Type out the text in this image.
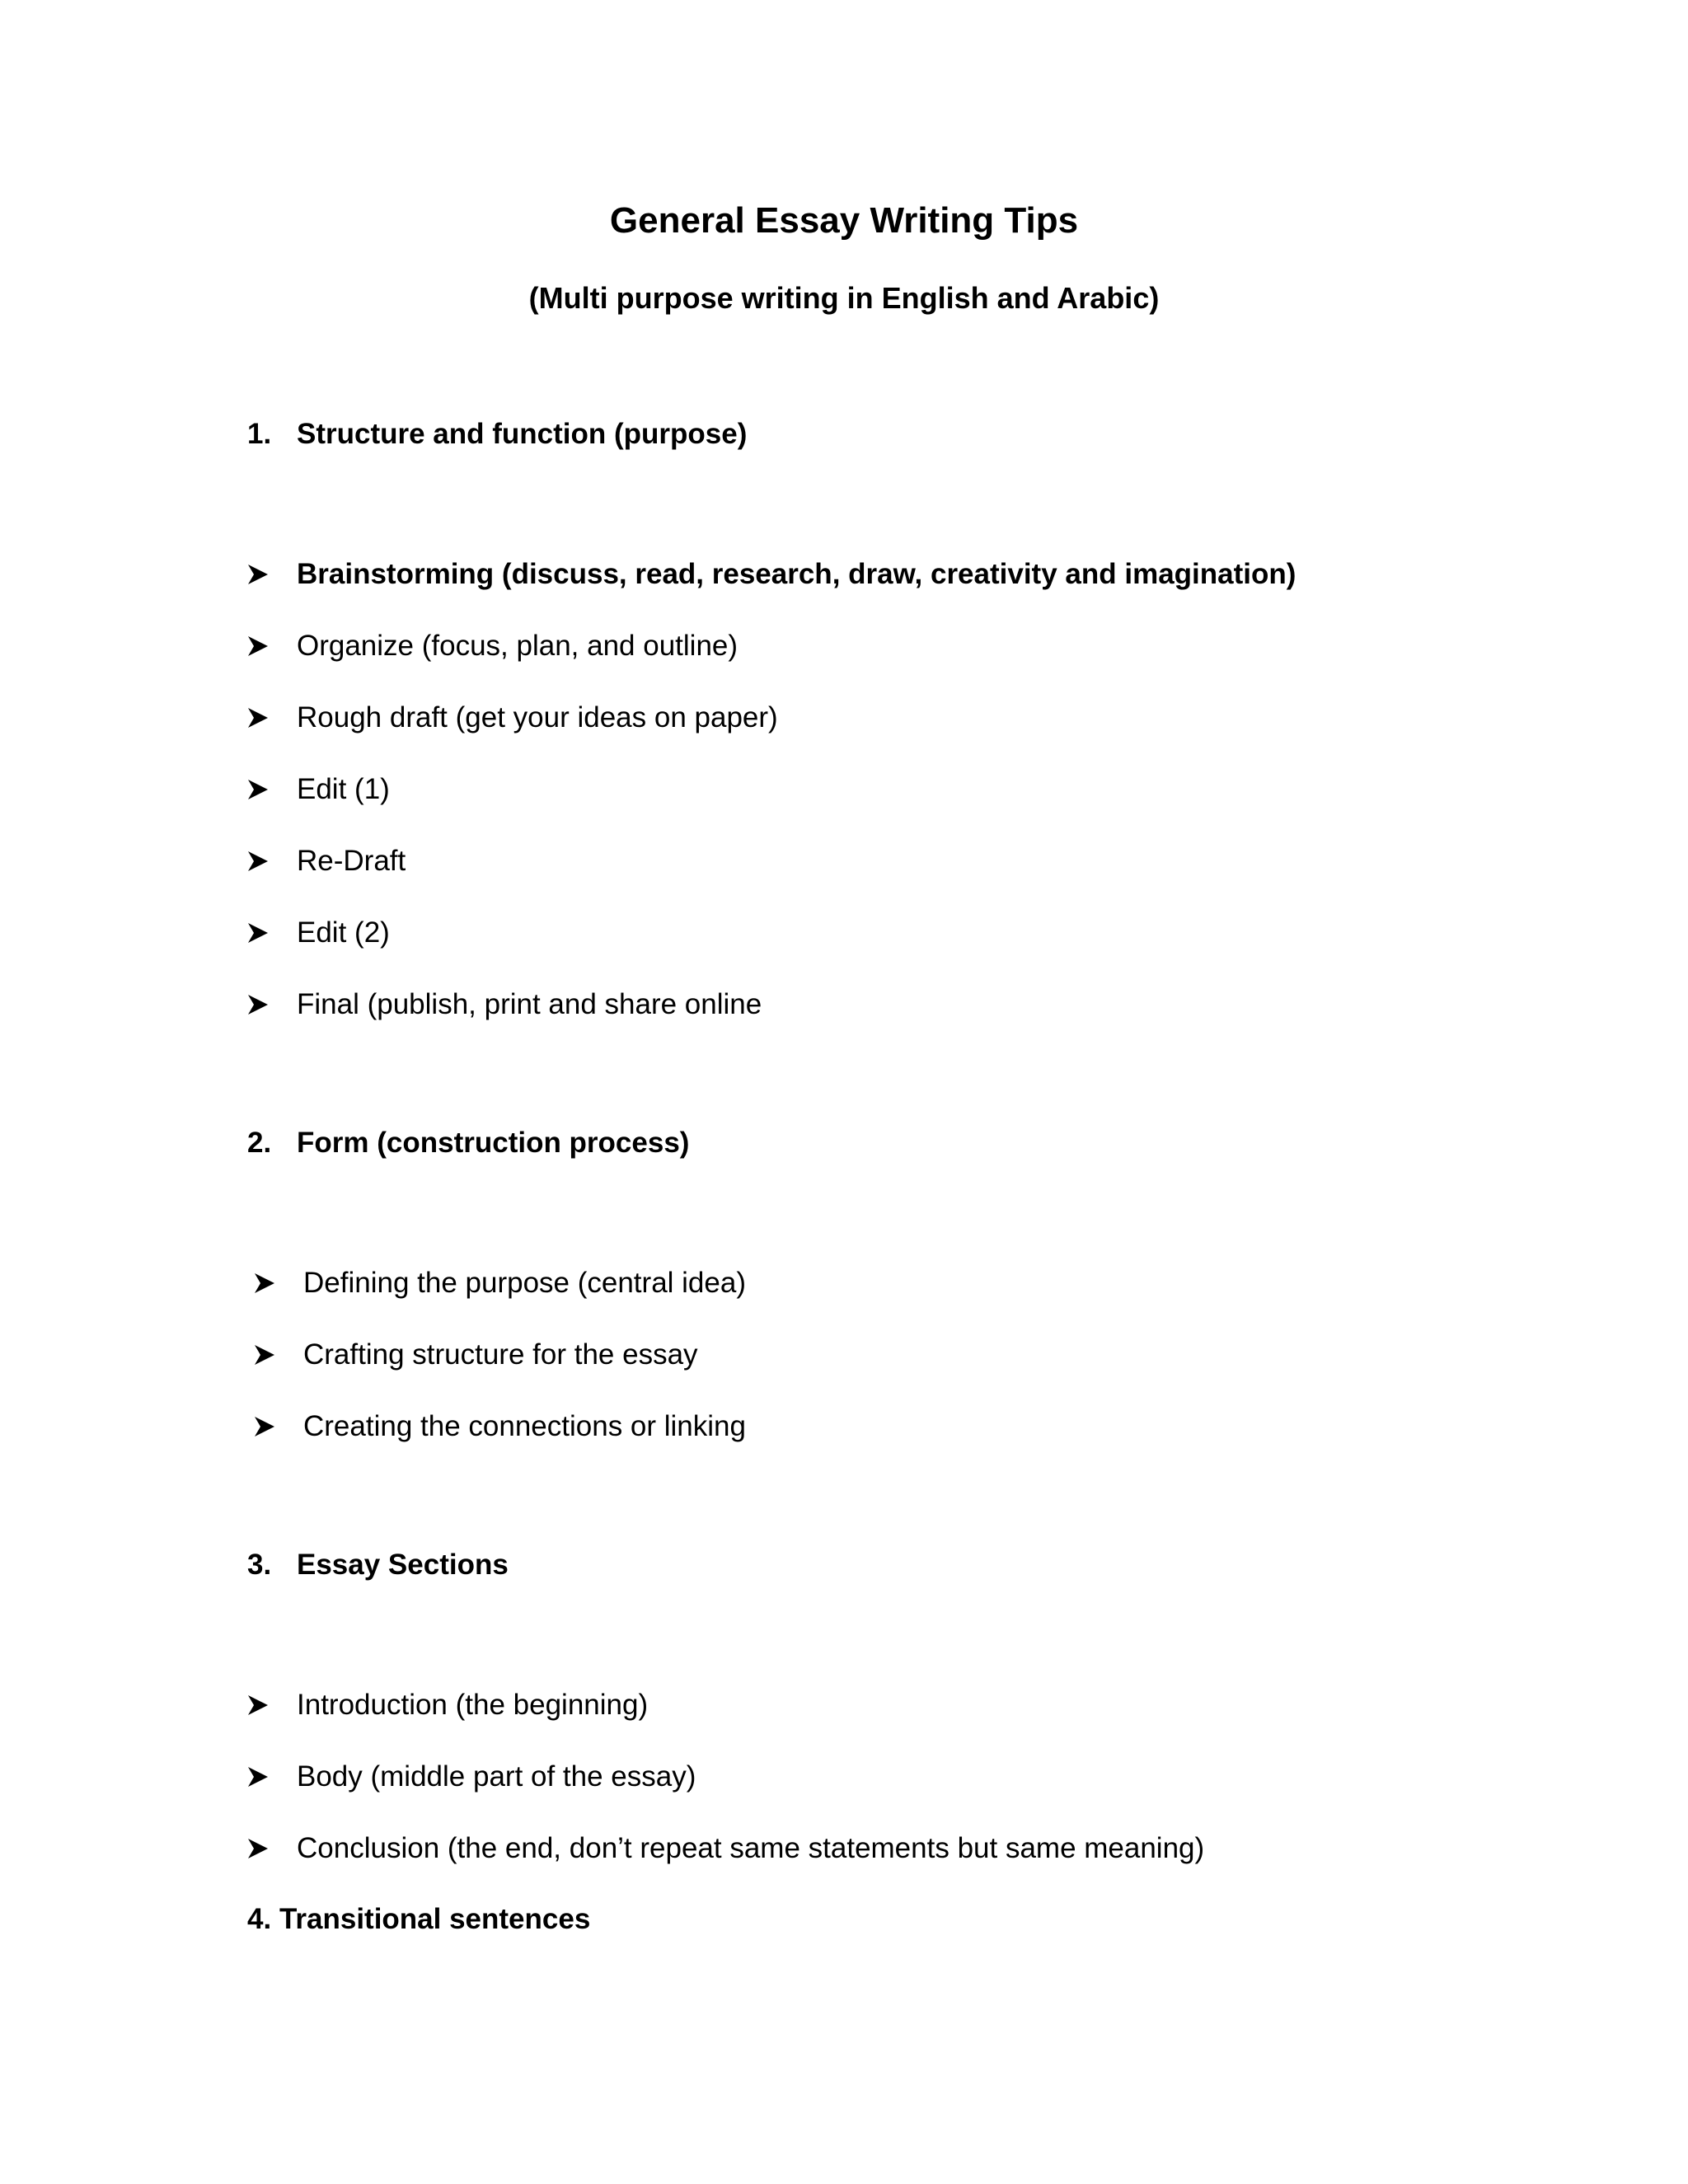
General Essay Writing Tips
(Multi purpose writing in English and Arabic)
1. Structure and function (purpose)
Brainstorming (discuss, read, research, draw, creativity and imagination)
Organize (focus, plan, and outline)
Rough draft (get your ideas on paper)
Edit (1)
Re-Draft
Edit (2)
Final (publish, print and share online
2. Form (construction process)
Defining the purpose (central idea)
Crafting structure for the essay
Creating the connections or linking
3. Essay Sections
Introduction (the beginning)
Body (middle part of the essay)
Conclusion (the end, don’t repeat same statements but same meaning)
4. Transitional sentences
